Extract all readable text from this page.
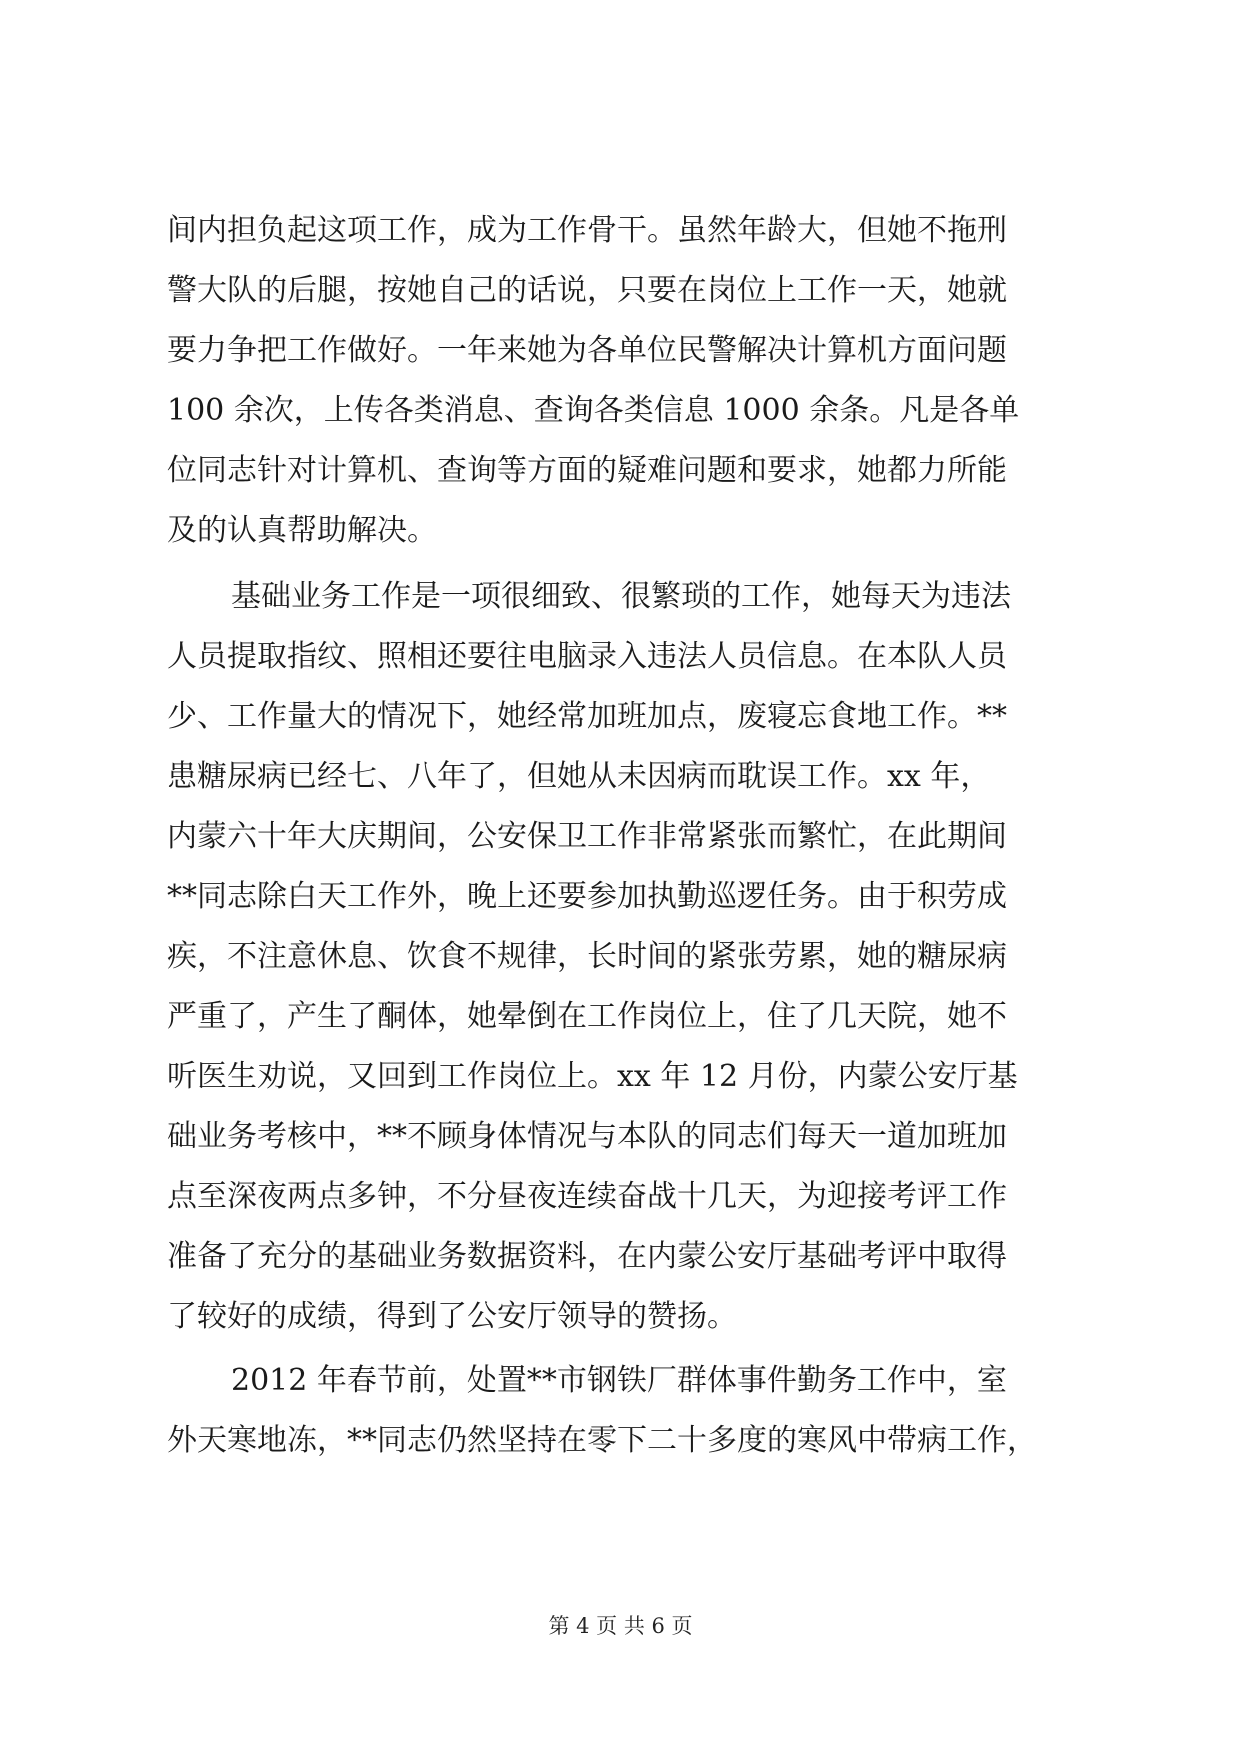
间内担负起这项工作，成为工作骨干。虽然年龄大，但她不拖刑
警大队的后腿，按她自己的话说，只要在岗位上工作一天，她就
要力争把工作做好。一年来她为各单位民警解决计算机方面问题
100 余次，上传各类消息、查询各类信息 1000 余条。凡是各单
位同志针对计算机、查询等方面的疑难问题和要求，她都力所能
及的认真帮助解决。
基础业务工作是一项很细致、很繁琐的工作，她每天为违法
人员提取指纹、照相还要往电脑录入违法人员信息。在本队人员
少、工作量大的情况下，她经常加班加点，废寝忘食地工作。**
患糖尿病已经七、八年了，但她从未因病而耽误工作。xx 年，
内蒙六十年大庆期间，公安保卫工作非常紧张而繁忙，在此期间
**同志除白天工作外，晚上还要参加执勤巡逻任务。由于积劳成
疾，不注意休息、饮食不规律，长时间的紧张劳累，她的糖尿病
严重了，产生了酮体，她晕倒在工作岗位上，住了几天院，她不
听医生劝说，又回到工作岗位上。xx 年 12 月份，内蒙公安厅基
础业务考核中，**不顾身体情况与本队的同志们每天一道加班加
点至深夜两点多钟，不分昼夜连续奋战十几天，为迎接考评工作
准备了充分的基础业务数据资料，在内蒙公安厅基础考评中取得
了较好的成绩，得到了公安厅领导的赞扬。
2012 年春节前，处置**市钢铁厂群体事件勤务工作中，室
外天寒地冻，**同志仍然坚持在零下二十多度的寒风中带病工作，
第 4 页 共 6 页
